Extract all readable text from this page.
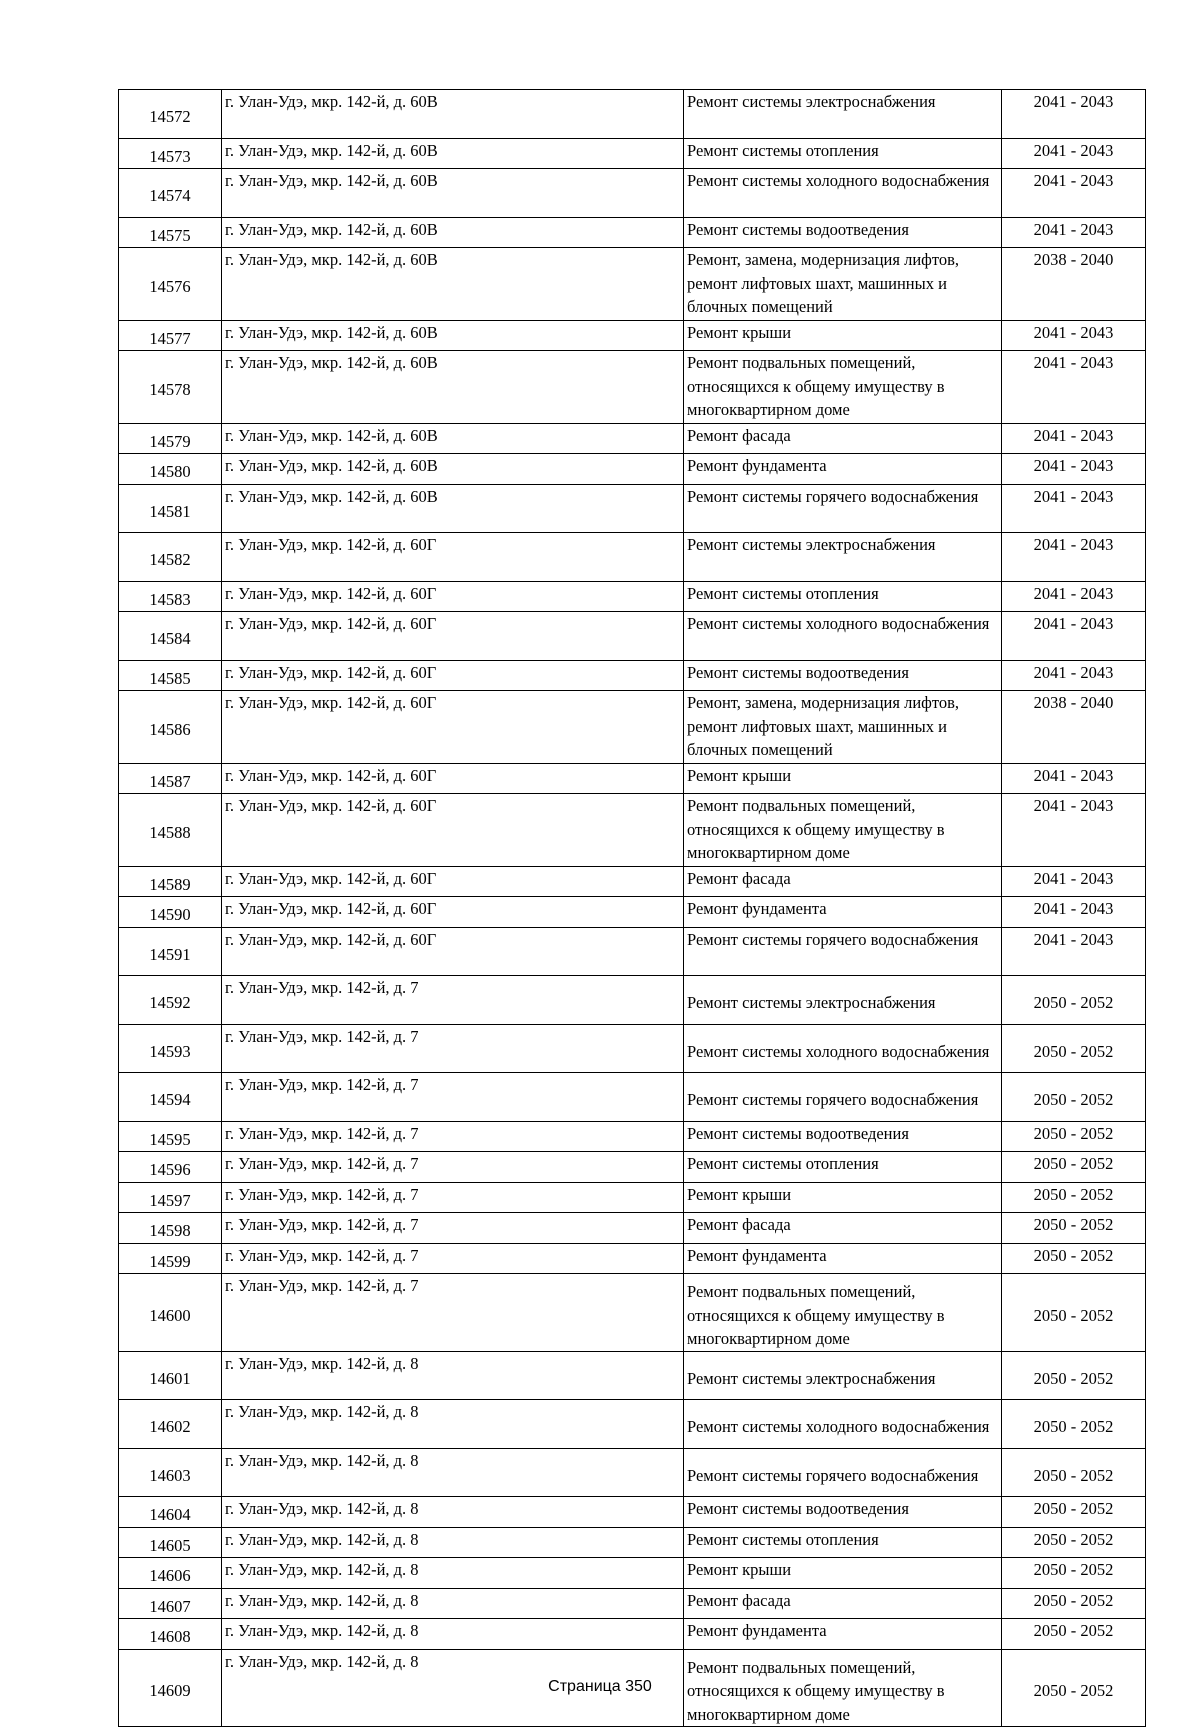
14572	г. Улан-Удэ, мкр. 142-й, д. 60В	Ремонт системы электроснабжения	2041 - 2043
14573	г. Улан-Удэ, мкр. 142-й, д. 60В	Ремонт системы отопления	2041 - 2043
14574	г. Улан-Удэ, мкр. 142-й, д. 60В	Ремонт системы холодного водоснабжения	2041 - 2043
14575	г. Улан-Удэ, мкр. 142-й, д. 60В	Ремонт системы водоотведения	2041 - 2043
14576	г. Улан-Удэ, мкр. 142-й, д. 60В	Ремонт, замена, модернизация лифтов, ремонт лифтовых шахт, машинных и блочных помещений	2038 - 2040
14577	г. Улан-Удэ, мкр. 142-й, д. 60В	Ремонт крыши	2041 - 2043
14578	г. Улан-Удэ, мкр. 142-й, д. 60В	Ремонт подвальных помещений, относящихся к общему имуществу в многоквартирном доме	2041 - 2043
14579	г. Улан-Удэ, мкр. 142-й, д. 60В	Ремонт фасада	2041 - 2043
14580	г. Улан-Удэ, мкр. 142-й, д. 60В	Ремонт фундамента	2041 - 2043
14581	г. Улан-Удэ, мкр. 142-й, д. 60В	Ремонт системы горячего водоснабжения	2041 - 2043
14582	г. Улан-Удэ, мкр. 142-й, д. 60Г	Ремонт системы электроснабжения	2041 - 2043
14583	г. Улан-Удэ, мкр. 142-й, д. 60Г	Ремонт системы отопления	2041 - 2043
14584	г. Улан-Удэ, мкр. 142-й, д. 60Г	Ремонт системы холодного водоснабжения	2041 - 2043
14585	г. Улан-Удэ, мкр. 142-й, д. 60Г	Ремонт системы водоотведения	2041 - 2043
14586	г. Улан-Удэ, мкр. 142-й, д. 60Г	Ремонт, замена, модернизация лифтов, ремонт лифтовых шахт, машинных и блочных помещений	2038 - 2040
14587	г. Улан-Удэ, мкр. 142-й, д. 60Г	Ремонт крыши	2041 - 2043
14588	г. Улан-Удэ, мкр. 142-й, д. 60Г	Ремонт подвальных помещений, относящихся к общему имуществу в многоквартирном доме	2041 - 2043
14589	г. Улан-Удэ, мкр. 142-й, д. 60Г	Ремонт фасада	2041 - 2043
14590	г. Улан-Удэ, мкр. 142-й, д. 60Г	Ремонт фундамента	2041 - 2043
14591	г. Улан-Удэ, мкр. 142-й, д. 60Г	Ремонт системы горячего водоснабжения	2041 - 2043
14592	г. Улан-Удэ, мкр. 142-й, д. 7	Ремонт системы электроснабжения	2050 - 2052
14593	г. Улан-Удэ, мкр. 142-й, д. 7	Ремонт системы холодного водоснабжения	2050 - 2052
14594	г. Улан-Удэ, мкр. 142-й, д. 7	Ремонт системы горячего водоснабжения	2050 - 2052
14595	г. Улан-Удэ, мкр. 142-й, д. 7	Ремонт системы водоотведения	2050 - 2052
14596	г. Улан-Удэ, мкр. 142-й, д. 7	Ремонт системы отопления	2050 - 2052
14597	г. Улан-Удэ, мкр. 142-й, д. 7	Ремонт крыши	2050 - 2052
14598	г. Улан-Удэ, мкр. 142-й, д. 7	Ремонт фасада	2050 - 2052
14599	г. Улан-Удэ, мкр. 142-й, д. 7	Ремонт фундамента	2050 - 2052
14600	г. Улан-Удэ, мкр. 142-й, д. 7	Ремонт подвальных помещений, относящихся к общему имуществу в многоквартирном доме	2050 - 2052
14601	г. Улан-Удэ, мкр. 142-й, д. 8	Ремонт системы электроснабжения	2050 - 2052
14602	г. Улан-Удэ, мкр. 142-й, д. 8	Ремонт системы холодного водоснабжения	2050 - 2052
14603	г. Улан-Удэ, мкр. 142-й, д. 8	Ремонт системы горячего водоснабжения	2050 - 2052
14604	г. Улан-Удэ, мкр. 142-й, д. 8	Ремонт системы водоотведения	2050 - 2052
14605	г. Улан-Удэ, мкр. 142-й, д. 8	Ремонт системы отопления	2050 - 2052
14606	г. Улан-Удэ, мкр. 142-й, д. 8	Ремонт крыши	2050 - 2052
14607	г. Улан-Удэ, мкр. 142-й, д. 8	Ремонт фасада	2050 - 2052
14608	г. Улан-Удэ, мкр. 142-й, д. 8	Ремонт фундамента	2050 - 2052
14609	г. Улан-Удэ, мкр. 142-й, д. 8	Ремонт подвальных помещений, относящихся к общему имуществу в многоквартирном доме	2050 - 2052
Страница 350
